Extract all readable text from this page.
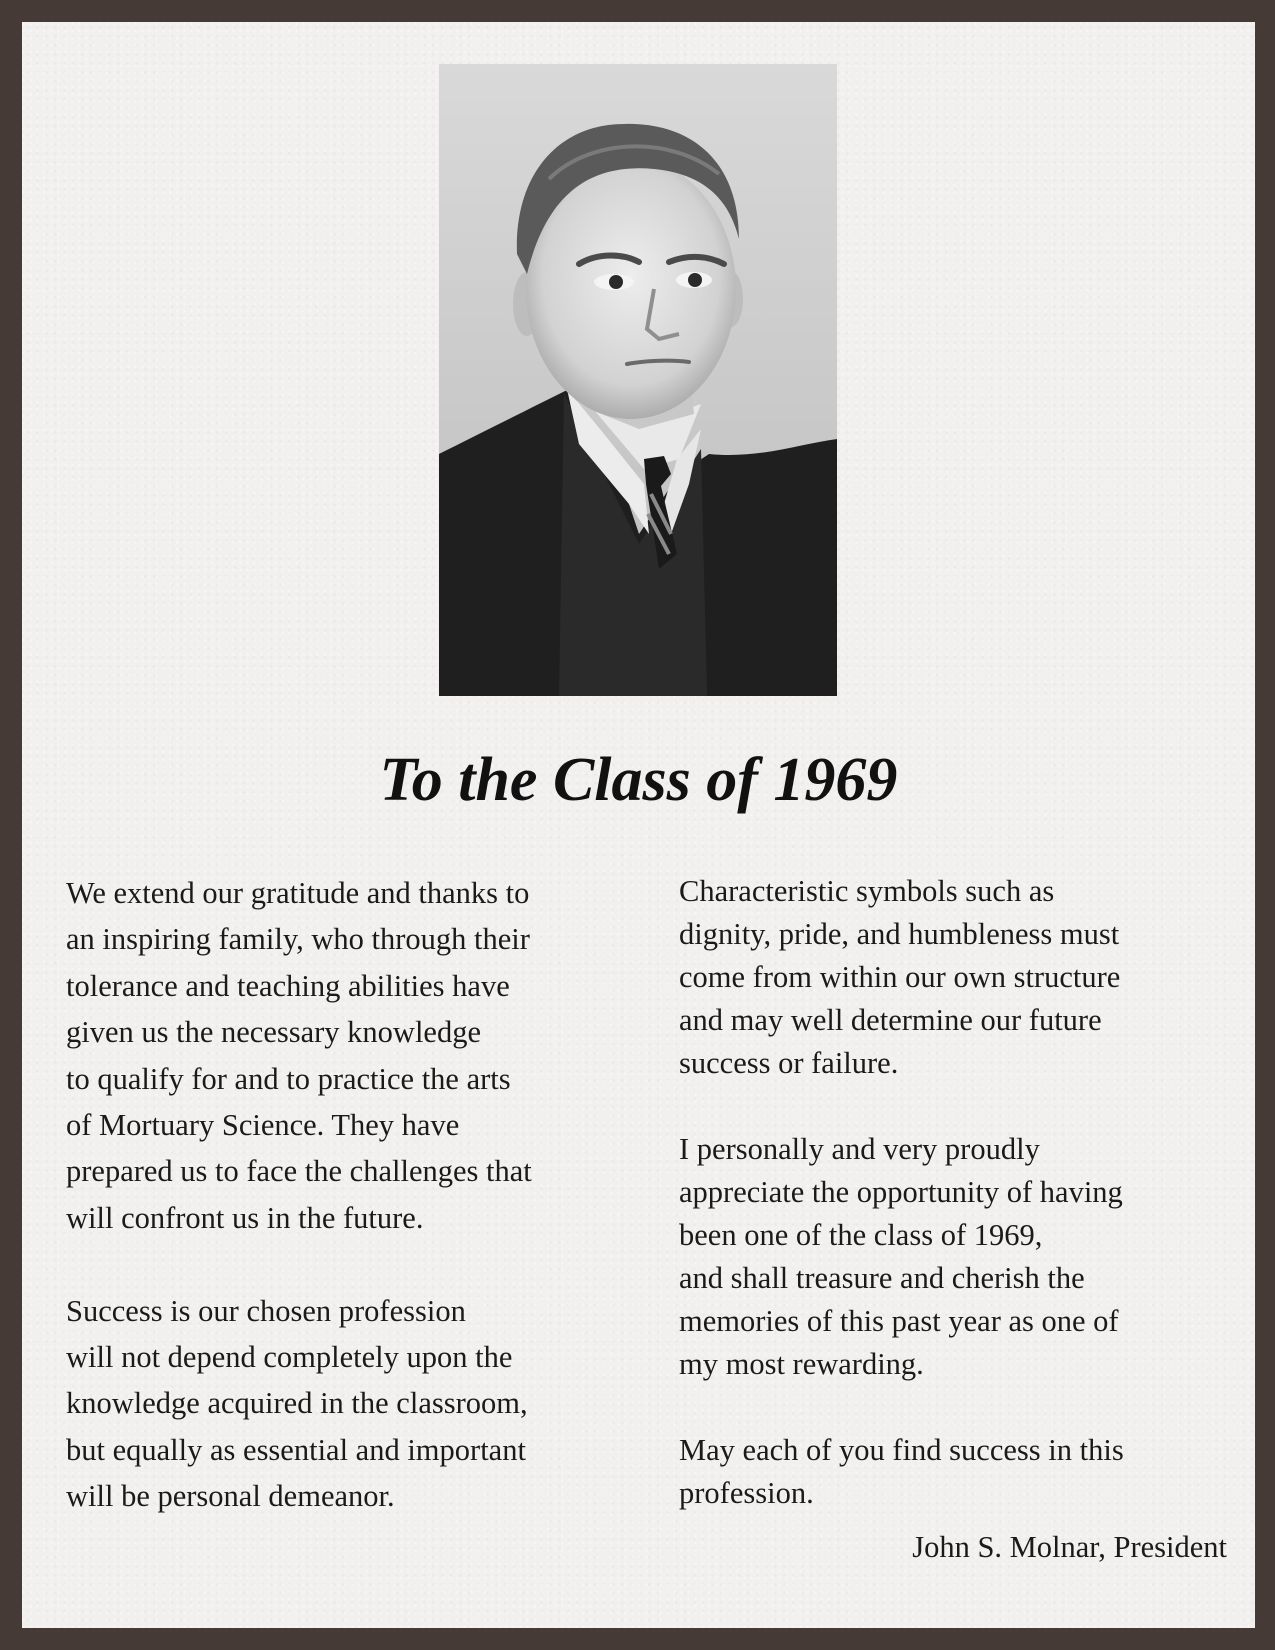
To the Class of 1969
We extend our gratitude and thanks to
an inspiring family, who through their
tolerance and teaching abilities have
given us the necessary knowledge
to qualify for and to practice the arts
of Mortuary Science. They have
prepared us to face the challenges that
will confront us in the future.
Success is our chosen profession
will not depend completely upon the
knowledge acquired in the classroom,
but equally as essential and important
will be personal demeanor.
Characteristic symbols such as
dignity, pride, and humbleness must
come from within our own structure
and may well determine our future
success or failure.
I personally and very proudly
appreciate the opportunity of having
been one of the class of 1969,
and shall treasure and cherish the
memories of this past year as one of
my most rewarding.
May each of you find success in this
profession.
John S. Molnar, President
